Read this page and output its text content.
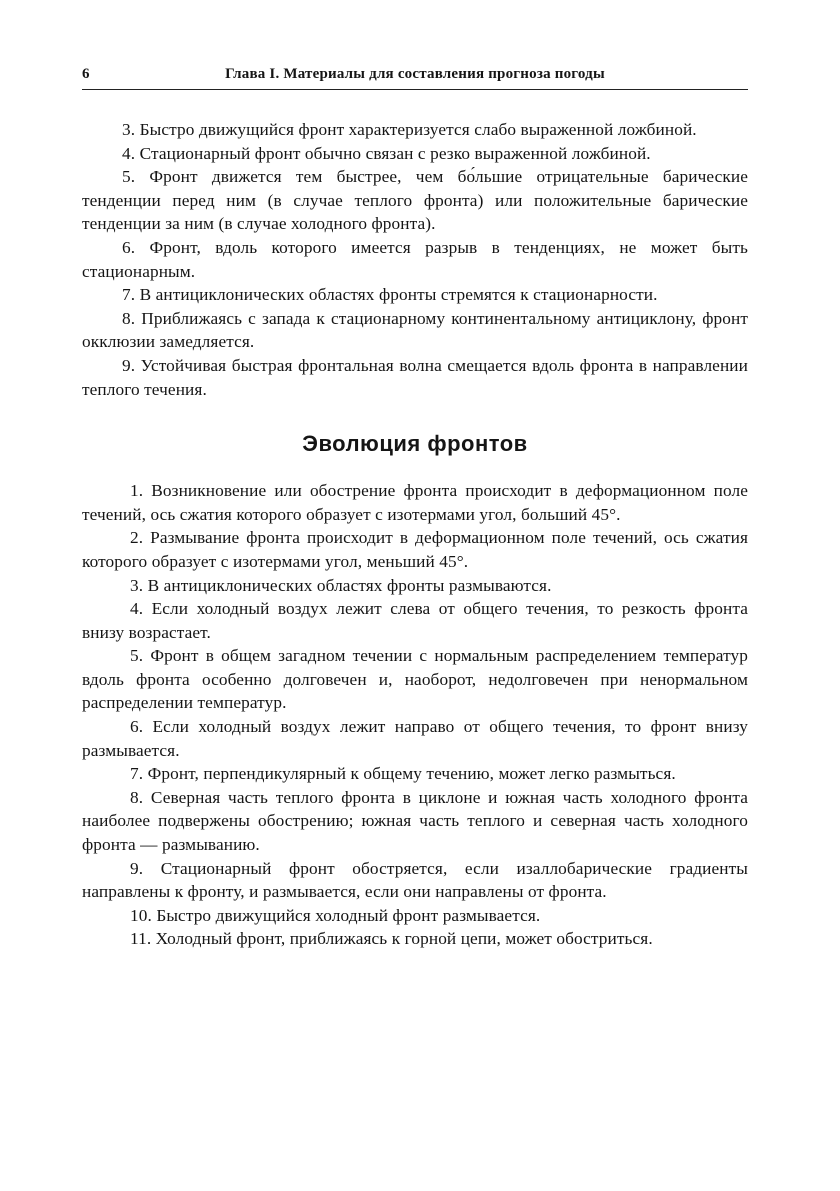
6	Глава I. Материалы для составления прогноза погоды

3. Быстро движущийся фронт характеризуется слабо выраженной ложбиной.

4. Стационарный фронт обычно связан с резко выраженной ложбиной.

5. Фронт движется тем быстрее, чем бо́льшие отрицательные барические тенденции перед ним (в случае теплого фронта) или положительные барические тенденции за ним (в случае холодного фронта).

6. Фронт, вдоль которого имеется разрыв в тенденциях, не может быть стационарным.

7. В антициклонических областях фронты стремятся к стационарности.

8. Приближаясь с запада к стационарному континентальному антициклону, фронт окклюзии замедляется.

9. Устойчивая быстрая фронтальная волна смещается вдоль фронта в направлении теплого течения.

Эволюция фронтов

1. Возникновение или обострение фронта происходит в деформационном поле течений, ось сжатия которого образует с изотермами угол, больший 45°.

2. Размывание фронта происходит в деформационном поле течений, ось сжатия которого образует с изотермами угол, меньший 45°.

3. В антициклонических областях фронты размываются.

4. Если холодный воздух лежит слева от общего течения, то резкость фронта внизу возрастает.

5. Фронт в общем загадном течении с нормальным распределением температур вдоль фронта особенно долговечен и, наоборот, недолговечен при ненормальном распределении температур.

6. Если холодный воздух лежит направо от общего течения, то фронт внизу размывается.

7. Фронт, перпендикулярный к общему течению, может легко размыться.

8. Северная часть теплого фронта в циклоне и южная часть холодного фронта наиболее подвержены обострению; южная часть теплого и северная часть холодного фронта — размыванию.

9. Стационарный фронт обостряется, если изаллобарические градиенты направлены к фронту, и размывается, если они направлены от фронта.

10. Быстро движущийся холодный фронт размывается.

11. Холодный фронт, приближаясь к горной цепи, может обостриться.
